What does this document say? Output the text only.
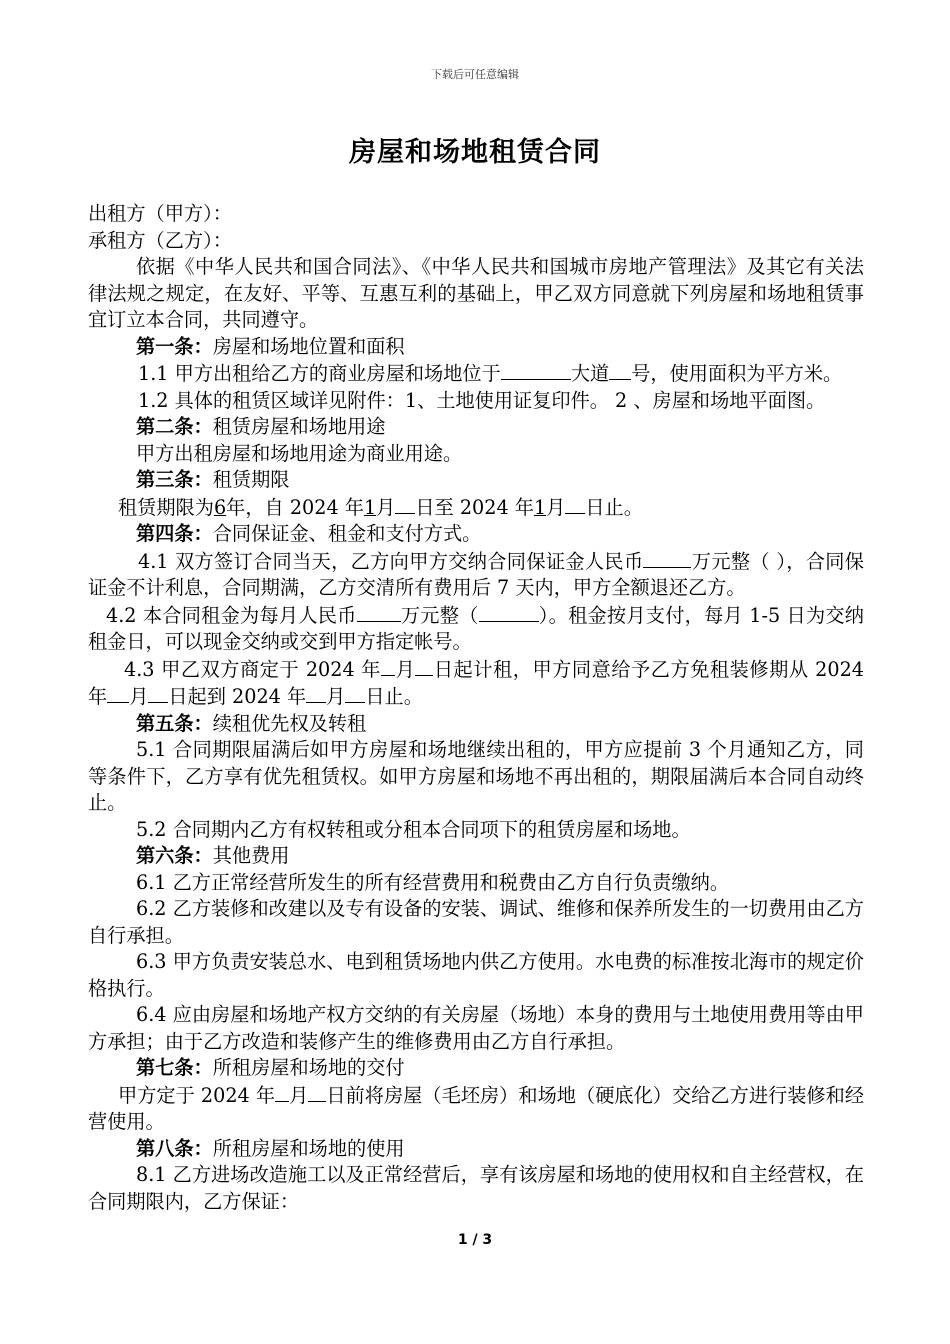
下载后可任意编辑
房屋和场地租赁合同

出租方（甲方）：

承租方（乙方）：

依据《中华人民共和国合同法》、《中华人民共和国城市房地产管理法》及其它有关法律法规之规定，在友好、平等、互惠互利的基础上，甲乙双方同意就下列房屋和场地租赁事宜订立本合同，共同遵守。

第一条：房屋和场地位置和面积

1.1 甲方出租给乙方的商业房屋和场地位于	大道 号，使用面积为平方米。

1.2 具体的租赁区域详见附件：1、土地使用证复印件。 2 、房屋和场地平面图。

第二条：租赁房屋和场地用途

甲方出租房屋和场地用途为商业用途。

第三条：租赁期限

租赁期限为6年，自 2024 年1月 日至 2024 年1月 日止。

第四条：合同保证金、租金和支付方式。

4.1 双方签订合同当天，乙方向甲方交纳合同保证金人民币	万元整（ ），合同保证金不计利息，合同期满，乙方交清所有费用后 7 天内，甲方全额退还乙方。

4.2 本合同租金为每月人民币 万元整（	）。租金按月支付，每月 1-5 日为交纳租金日，可以现金交纳或交到甲方指定帐号。

4.3 甲乙双方商定于 2024 年 月 日起计租，甲方同意给予乙方免租装修期从 2024 年 月 日起到 2024 年 月 日止。

第五条：续租优先权及转租

5.1 合同期限届满后如甲方房屋和场地继续出租的，甲方应提前 3 个月通知乙方，同等条件下，乙方享有优先租赁权。如甲方房屋和场地不再出租的，期限届满后本合同自动终止。

5.2 合同期内乙方有权转租或分租本合同项下的租赁房屋和场地。

第六条：其他费用

6.1 乙方正常经营所发生的所有经营费用和税费由乙方自行负责缴纳。

6.2 乙方装修和改建以及专有设备的安装、调试、维修和保养所发生的一切费用由乙方自行承担。

6.3 甲方负责安装总水、电到租赁场地内供乙方使用。水电费的标准按北海市的规定价格执行。

6.4 应由房屋和场地产权方交纳的有关房屋（场地）本身的费用与土地使用费用等由甲方承担；由于乙方改造和装修产生的维修费用由乙方自行承担。

第七条：所租房屋和场地的交付

甲方定于 2024 年 月 日前将房屋（毛坯房）和场地（硬底化）交给乙方进行装修和经营使用。

第八条：所租房屋和场地的使用

8.1 乙方进场改造施工以及正常经营后，享有该房屋和场地的使用权和自主经营权，在合同期限内，乙方保证：

1 / 3
